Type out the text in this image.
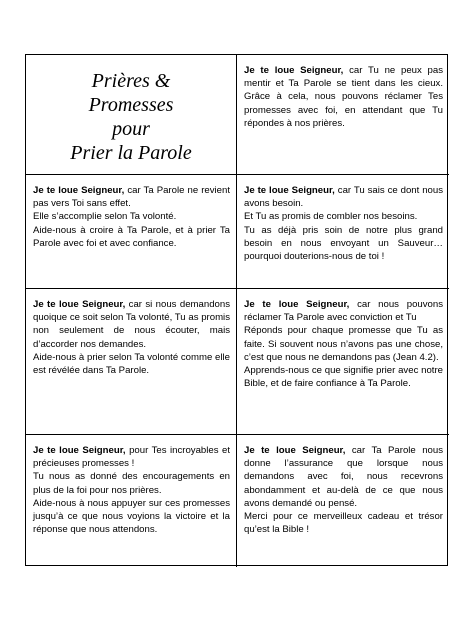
Prières &
Promesses
pour
Prier la Parole

Je te loue Seigneur, car Tu ne peux pas mentir et Ta Parole se tient dans les cieux. Grâce à cela, nous pouvons réclamer Tes promesses avec foi, en attendant que Tu répondes à nos prières.

Je te loue Seigneur, car Ta Parole ne revient pas vers Toi sans effet.

Elle s’accomplie selon Ta volonté.

Aide-nous à croire à Ta Parole, et à prier Ta Parole avec foi et avec confiance.

Je te loue Seigneur, car Tu sais ce dont nous avons besoin.

Et Tu as promis de combler nos besoins.

Tu as déjà pris soin de notre plus grand besoin en nous envoyant un Sauveur… pourquoi douterions-nous de toi !

Je te loue Seigneur, car si nous demandons quoique ce soit selon Ta volonté, Tu as promis non seulement de nous écouter, mais d’accorder nos demandes.

Aide-nous à prier selon Ta volonté comme elle est révélée dans Ta Parole.

Je te loue Seigneur, car nous pouvons réclamer Ta Parole avec conviction et Tu

Réponds pour chaque promesse que Tu as faite. Si souvent nous n’avons pas une chose, c’est que nous ne demandons pas (Jean 4.2).

Apprends-nous ce que signifie prier avec notre Bible, et de faire confiance à Ta Parole.

Je te loue Seigneur, pour Tes incroyables et précieuses promesses !

Tu nous as donné des encouragements en plus de la foi pour nos prières.

Aide-nous à nous appuyer sur ces promesses jusqu’à ce que nous voyions la victoire et la réponse que nous attendons.

Je te loue Seigneur, car Ta Parole nous donne l’assurance que lorsque nous demandons avec foi, nous recevrons abondamment et au-delà de ce que nous avons demandé ou pensé.

Merci pour ce merveilleux cadeau et trésor qu’est la Bible !
